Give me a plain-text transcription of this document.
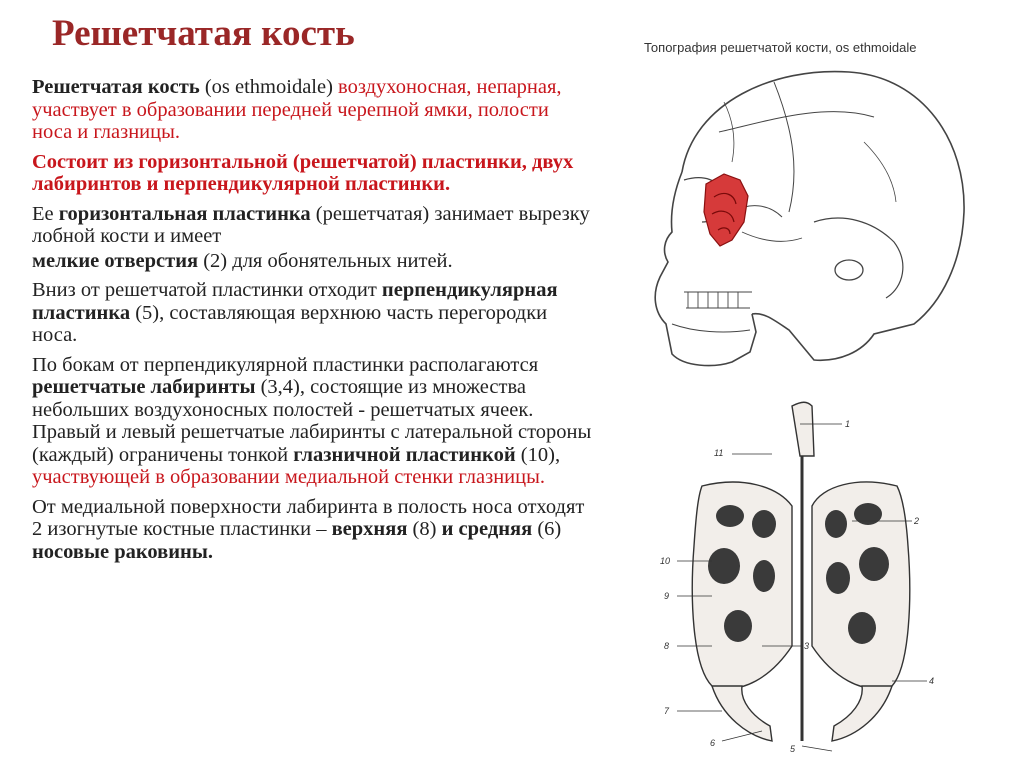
Решетчатая кость

Решетчатая кость (os ethmoidale) воздухоносная, непарная, участвует в образовании передней черепной ямки, полости носа и глазницы.

Состоит из горизонтальной (решетчатой) пластинки, двух лабиринтов и перпендикулярной пластинки.

Ее горизонтальная пластинка (решетчатая) занимает вырезку лобной кости и имеет

мелкие отверстия (2) для обонятельных нитей.

Вниз от решетчатой пластинки отходит перпендикулярная пластинка (5), составляющая верхнюю часть перегородки носа.

По бокам от перпендикулярной пластинки располагаются решетчатые лабиринты (3,4), состоящие из множества небольших воздухоносных полостей - решетчатых ячеек. Правый и левый решетчатые лабиринты с латеральной стороны (каждый) ограничены тонкой глазничной пластинкой (10), участвующей в образовании медиальной стенки глазницы.

От медиальной поверхности лабиринта в полость носа отходят 2 изогнутые костные пластинки – верхняя (8) и средняя (6) носовые раковины.

Топография решетчатой кости, os ethmoidale
1
11
2
10
9
3
8
4
7
6
5
